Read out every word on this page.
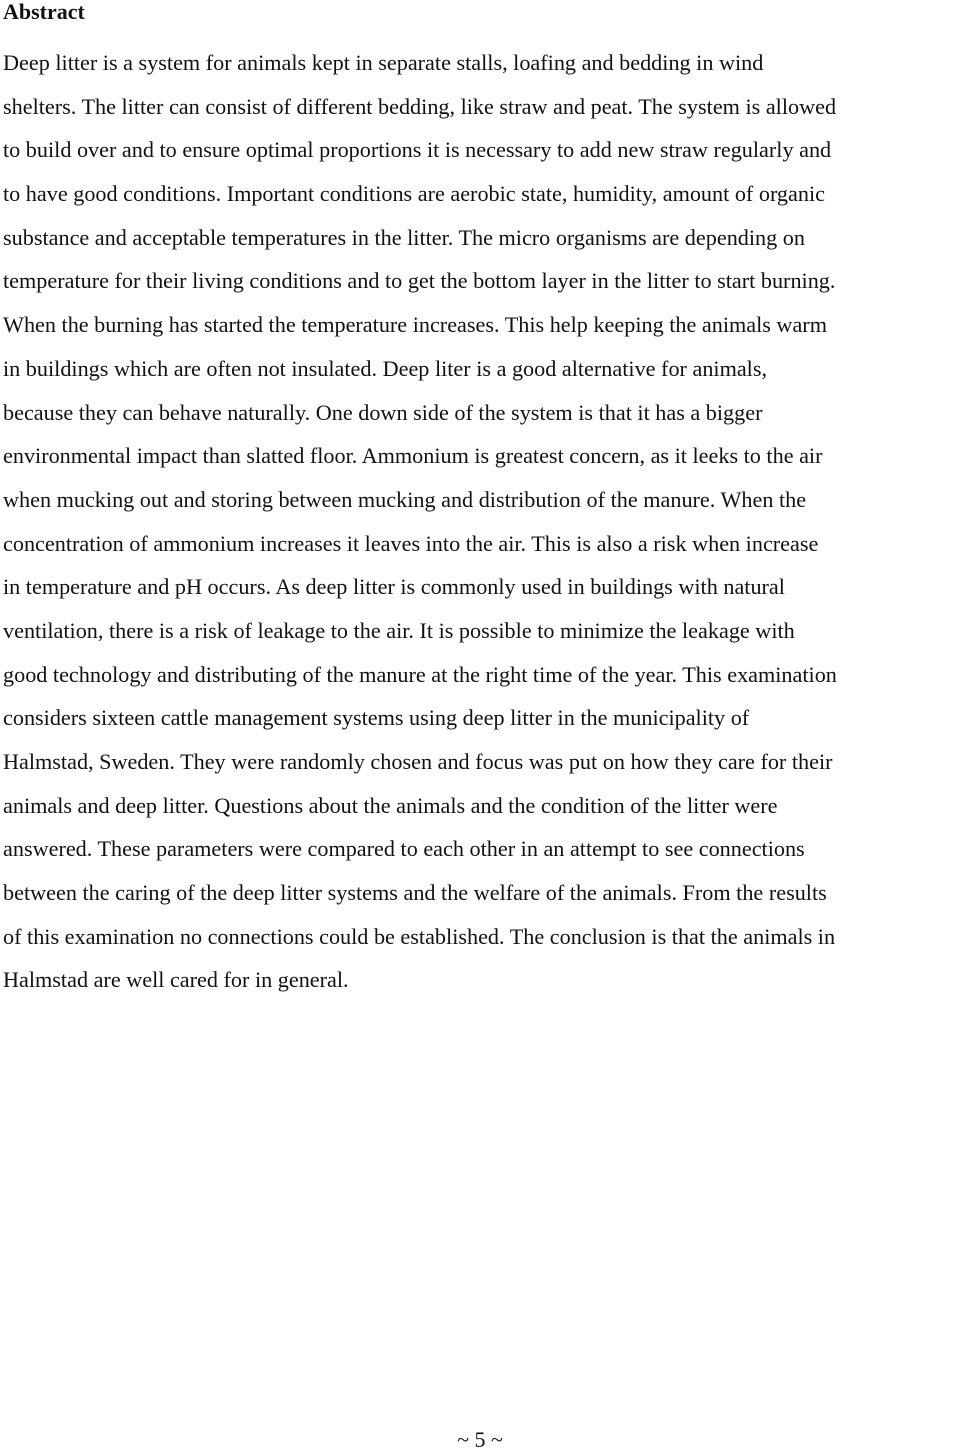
Abstract
Deep litter is a system for animals kept in separate stalls, loafing and bedding in wind
shelters. The litter can consist of different bedding, like straw and peat. The system is allowed
to build over and to ensure optimal proportions it is necessary to add new straw regularly and
to have good conditions. Important conditions are aerobic state, humidity, amount of organic
substance and acceptable temperatures in the litter. The micro organisms are depending on
temperature for their living conditions and to get the bottom layer in the litter to start burning.
When the burning has started the temperature increases. This help keeping the animals warm
in buildings which are often not insulated. Deep liter is a good alternative for animals,
because they can behave naturally. One down side of the system is that it has a bigger
environmental impact than slatted floor. Ammonium is greatest concern, as it leeks to the air
when mucking out and storing between mucking and distribution of the manure. When the
concentration of ammonium increases it leaves into the air. This is also a risk when increase
in temperature and pH occurs. As deep litter is commonly used in buildings with natural
ventilation, there is a risk of leakage to the air. It is possible to minimize the leakage with
good technology and distributing of the manure at the right time of the year. This examination
considers sixteen cattle management systems using deep litter in the municipality of
Halmstad, Sweden. They were randomly chosen and focus was put on how they care for their
animals and deep litter. Questions about the animals and the condition of the litter were
answered. These parameters were compared to each other in an attempt to see connections
between the caring of the deep litter systems and the welfare of the animals. From the results
of this examination no connections could be established. The conclusion is that the animals in
Halmstad are well cared for in general.
~ 5 ~
